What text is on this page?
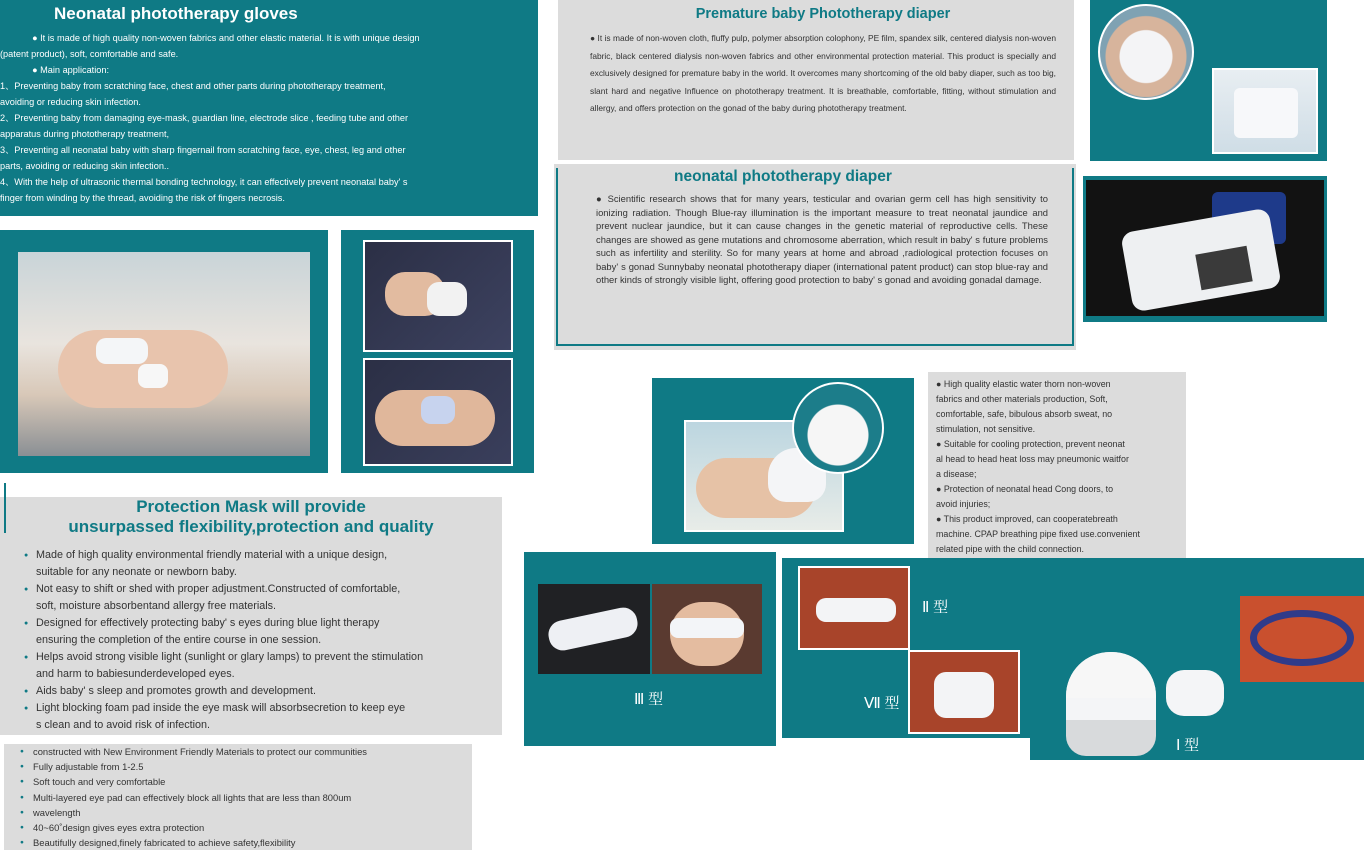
Neonatal phototherapy gloves

● It is made of high quality non-woven fabrics and other elastic material. It is with unique design

(patent product), soft, comfortable and safe.

● Main application:

1、Preventing baby from scratching face, chest and other parts during phototherapy treatment,

avoiding or reducing skin infection.

2、Preventing baby from damaging eye-mask, guardian line, electrode slice , feeding tube and other

apparatus during phototherapy treatment,

3、Preventing all neonatal baby with sharp fingernail from scratching face, eye, chest, leg and other

parts, avoiding or reducing skin infection..

4、With the help of ultrasonic thermal bonding technology, it can effectively prevent neonatal baby' s

finger from winding by the thread, avoiding the risk of fingers necrosis.

Premature baby Phototherapy diaper

● It is made of non-woven cloth, fluffy pulp, polymer absorption colophony, PE film, spandex silk, centered dialysis non-woven fabric, black centered dialysis non-woven fabrics and other environmental protection material. This product is specially and exclusively designed for premature baby in the world. It overcomes many shortcoming of the old baby diaper, such as too big, slant hard and negative Influence on phototherapy treatment. It is breathable, comfortable, fitting, without stimulation and allergy, and offers protection on the gonad of the baby during phototherapy treatment.

neonatal phototherapy diaper

● Scientific research shows that for many years, testicular and ovarian germ cell has high sensitivity to ionizing radiation. Though Blue-ray illumination is the important measure to treat neonatal jaundice and prevent nuclear jaundice, but it can cause changes in the genetic material of reproductive cells. These changes are showed as gene mutations and chromosome aberration, which result in baby' s future problems such as infertility and sterility. So for many years at home and abroad ,radiological protection focuses on baby' s gonad Sunnybaby neonatal phototherapy diaper (international patent product) can stop blue-ray and other kinds of strongly visible light, offering good protection to baby' s gonad and avoiding gonadal damage.

Protection Mask will provide
unsurpassed flexibility,protection and quality
● Made of high quality environmental friendly material with a unique design,
suitable for any neonate or newborn baby.
● Not easy to shift or shed with proper adjustment.Constructed of comfortable,
soft, moisture absorbentand allergy free materials.
● Designed for effectively protecting baby' s eyes during blue light therapy
ensuring the completion of the entire course in one session.
● Helps avoid strong visible light (sunlight or glary lamps) to prevent the stimulation
and harm to babiesunderdeveloped eyes.
● Aids baby' s sleep and promotes growth and development.
● Light blocking foam pad inside the eye mask will absorbsecretion to keep eye
s clean and to avoid risk of infection.
● constructed with New Environment Friendly Materials to protect our communities
● Fully adjustable from 1-2.5
● Soft touch and very comfortable
● Multi-layered eye pad can effectively block all lights that are less than 800um
● wavelength
● 40~60˚design gives eyes extra protection
● Beautifully designed,finely fabricated to achieve safety,flexibility

● High quality elastic water thorn non-woven

fabrics and other materials production, Soft,

comfortable, safe, bibulous absorb sweat, no

stimulation, not sensitive.

● Suitable for cooling protection, prevent neonat

al head to head heat loss may pneumonic waitfor

a disease;

● Protection of neonatal head Cong doors, to

avoid injuries;

● This product improved, can cooperatebreath

machine. CPAP breathing pipe fixed use.convenient

related pipe with the child connection.

Ⅲ 型
Ⅱ 型
Ⅶ 型
Ⅰ 型
